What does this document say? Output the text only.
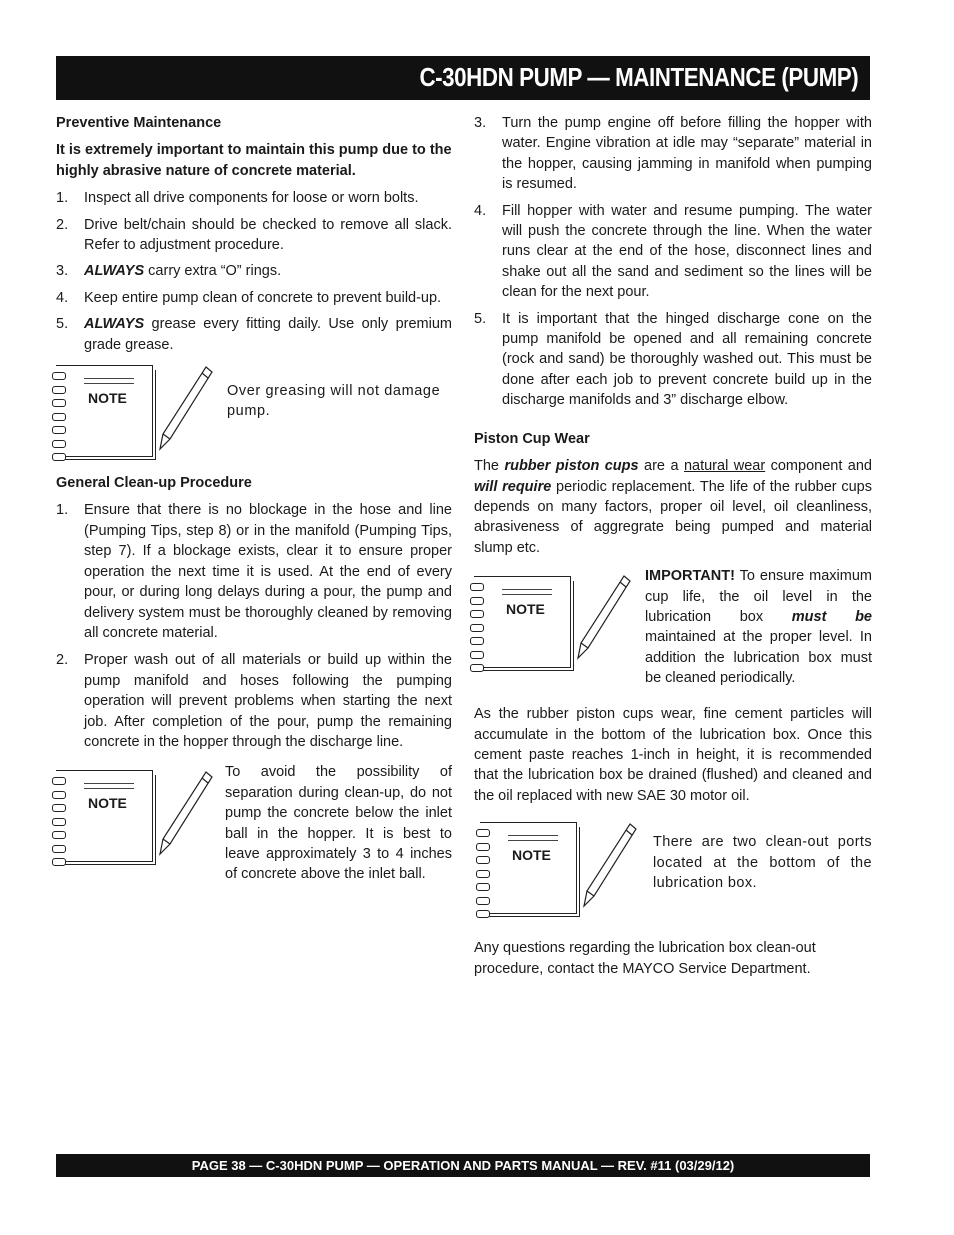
C-30HDN PUMP — MAINTENANCE (PUMP)

Preventive Maintenance

It is extremely important to maintain this pump due to the highly abrasive nature of concrete material.

1. Inspect all drive components for loose or worn bolts.
2. Drive belt/chain should be checked to remove all slack. Refer to adjustment procedure.
3. ALWAYS carry extra “O” rings.
4. Keep entire pump clean of concrete to prevent build-up.
5. ALWAYS grease every fitting daily. Use only premium grade grease.
NOTE	Over greasing will not damage pump.

General Clean-up Procedure

1. Ensure that there is no blockage in the hose and line (Pumping Tips, step 8) or in the manifold (Pumping Tips, step 7). If a blockage exists, clear it to ensure proper operation the next time it is used. At the end of every pour, or during long delays during a pour, the pump and delivery system must be thoroughly cleaned by removing all concrete material.
2. Proper wash out of all materials or build up within the pump manifold and hoses following the pumping operation will prevent problems when starting the next job. After completion of the pour, pump the remaining concrete in the hopper through the discharge line.
NOTE
To avoid the possibility of separation during clean-up, do not pump the concrete below the inlet ball in the hopper. It is best to leave approximately 3 to 4 inches of concrete above the inlet ball.
3. Turn the pump engine off before filling the hopper with water. Engine vibration at idle may “separate” material in the hopper, causing jamming in manifold when pumping is resumed.
4. Fill hopper with water and resume pumping. The water will push the concrete through the line. When the water runs clear at the end of the hose, disconnect lines and shake out all the sand and sediment so the lines will be clean for the next pour.
5. It is important that the hinged discharge cone on the pump manifold be opened and all remaining concrete (rock and sand) be thoroughly washed out. This must be done after each job to prevent concrete build up in the discharge manifolds and 3” discharge elbow.

Piston Cup Wear

The rubber piston cups are a natural wear component and will require periodic replacement. The life of the rubber cups depends on many factors, proper oil level, oil cleanliness, abrasiveness of aggregrate being pumped and material slump etc.

NOTE
IMPORTANT! To ensure maximum cup life, the oil level in the lubrication box must be maintained at the proper level. In addition the lubrication box must be cleaned periodically.

As the rubber piston cups wear, fine cement particles will accumulate in the bottom of the lubrication box. Once this cement paste reaches 1-inch in height, it is recommended that the lubrication box be drained (flushed) and cleaned and the oil replaced with new SAE 30 motor oil.

NOTE
There are two clean-out ports located at the bottom of the lubrication box.

Any questions regarding the lubrication box clean-out procedure, contact the MAYCO Service Department.

PAGE 38 — C-30HDN PUMP — OPERATION AND PARTS MANUAL — REV. #11 (03/29/12)
